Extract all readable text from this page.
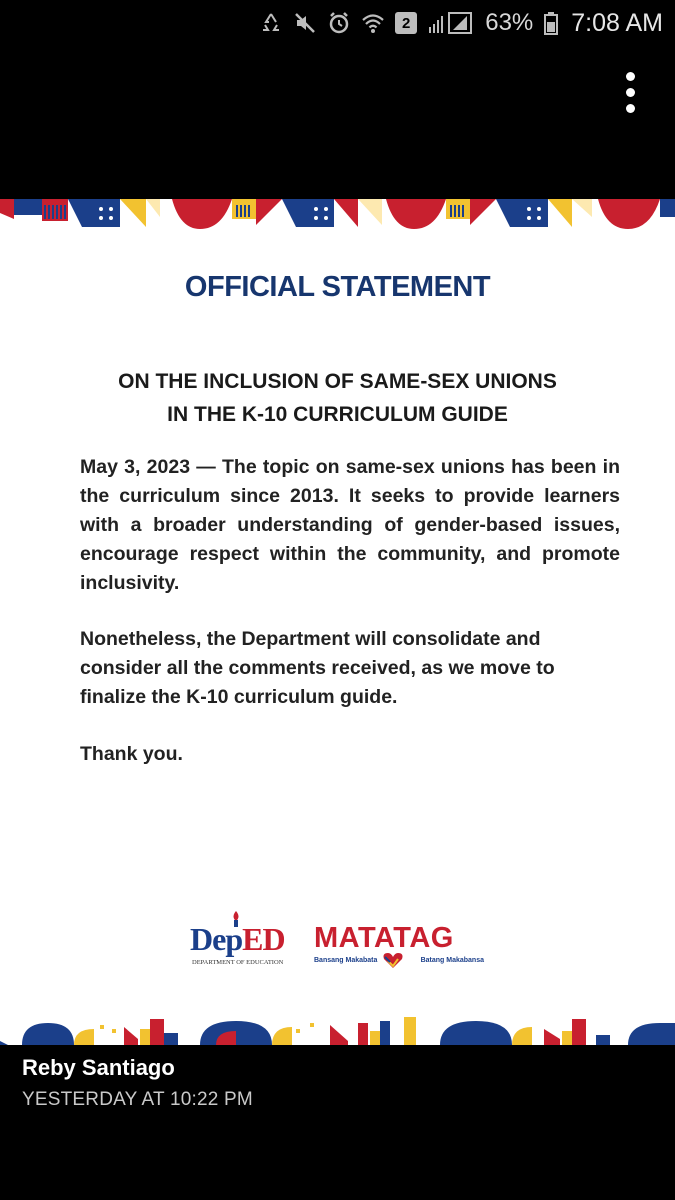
2	63% 7:08 AM
OFFICIAL STATEMENT
ON THE INCLUSION OF SAME-SEX UNIONS
IN THE K-10 CURRICULUM GUIDE
May 3, 2023 — The topic on same-sex unions has been in the curriculum since 2013. It seeks to provide learners with a broader understanding of gender-based issues, encourage respect within the community, and promote inclusivity.
Nonetheless, the Department will consolidate and consider all the comments received, as we move to finalize the K-10 curriculum guide.
Thank you.
DepED
DEPARTMENT OF EDUCATION
MATATAG
Bansang Makabata	Batang Makabansa
Reby Santiago
YESTERDAY AT 10:22 PM
